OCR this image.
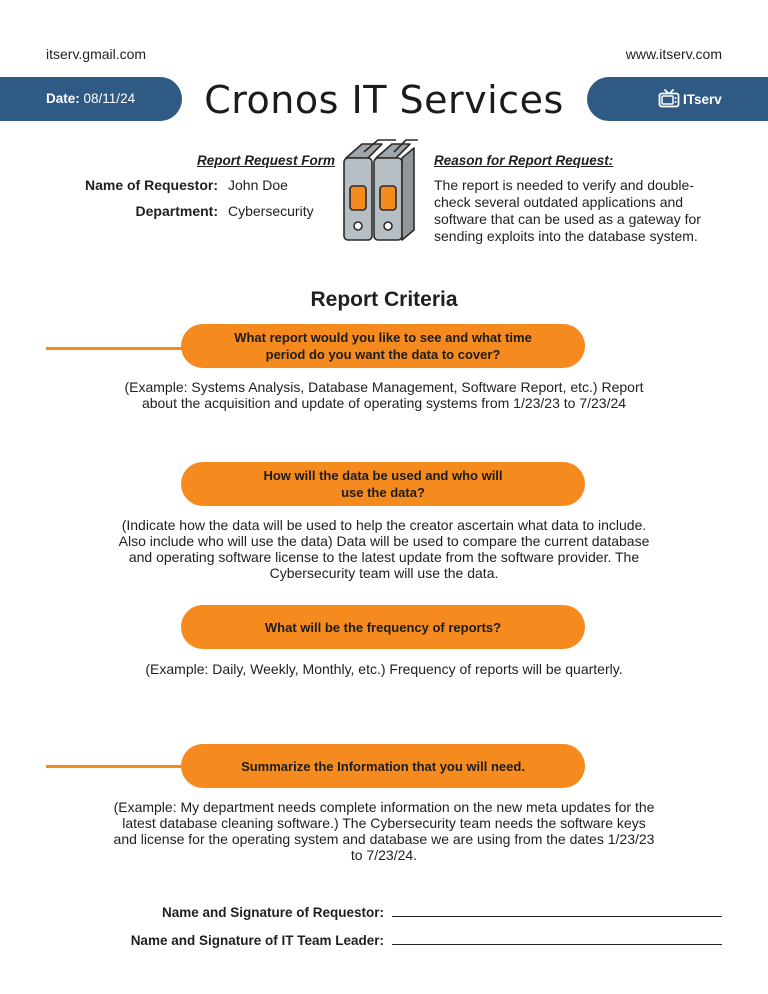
itserv.gmail.com	www.itserv.com
Date: 08/11/24	Cronos IT Services	ITserv
Report Request Form
Name of Requestor: John Doe
Department: Cybersecurity
Reason for Report Request:
The report is needed to verify and double-check several outdated applications and software that can be used as a gateway for sending exploits into the database system.
Report Criteria
What report would you like to see and what time period do you want the data to cover?
(Example: Systems Analysis, Database Management, Software Report, etc.) Report about the acquisition and update of operating systems from 1/23/23 to 7/23/24
How will the data be used and who will use the data?
(Indicate how the data will be used to help the creator ascertain what data to include. Also include who will use the data) Data will be used to compare the current database and operating software license to the latest update from the software provider. The Cybersecurity team will use the data.
What will be the frequency of reports?
(Example: Daily, Weekly, Monthly, etc.) Frequency of reports will be quarterly.
Summarize the Information that you will need.
(Example: My department needs complete information on the new meta updates for the latest database cleaning software.) The Cybersecurity team needs the software keys and license for the operating system and database we are using from the dates 1/23/23 to 7/23/24.
Name and Signature of Requestor:
Name and Signature of IT Team Leader:
